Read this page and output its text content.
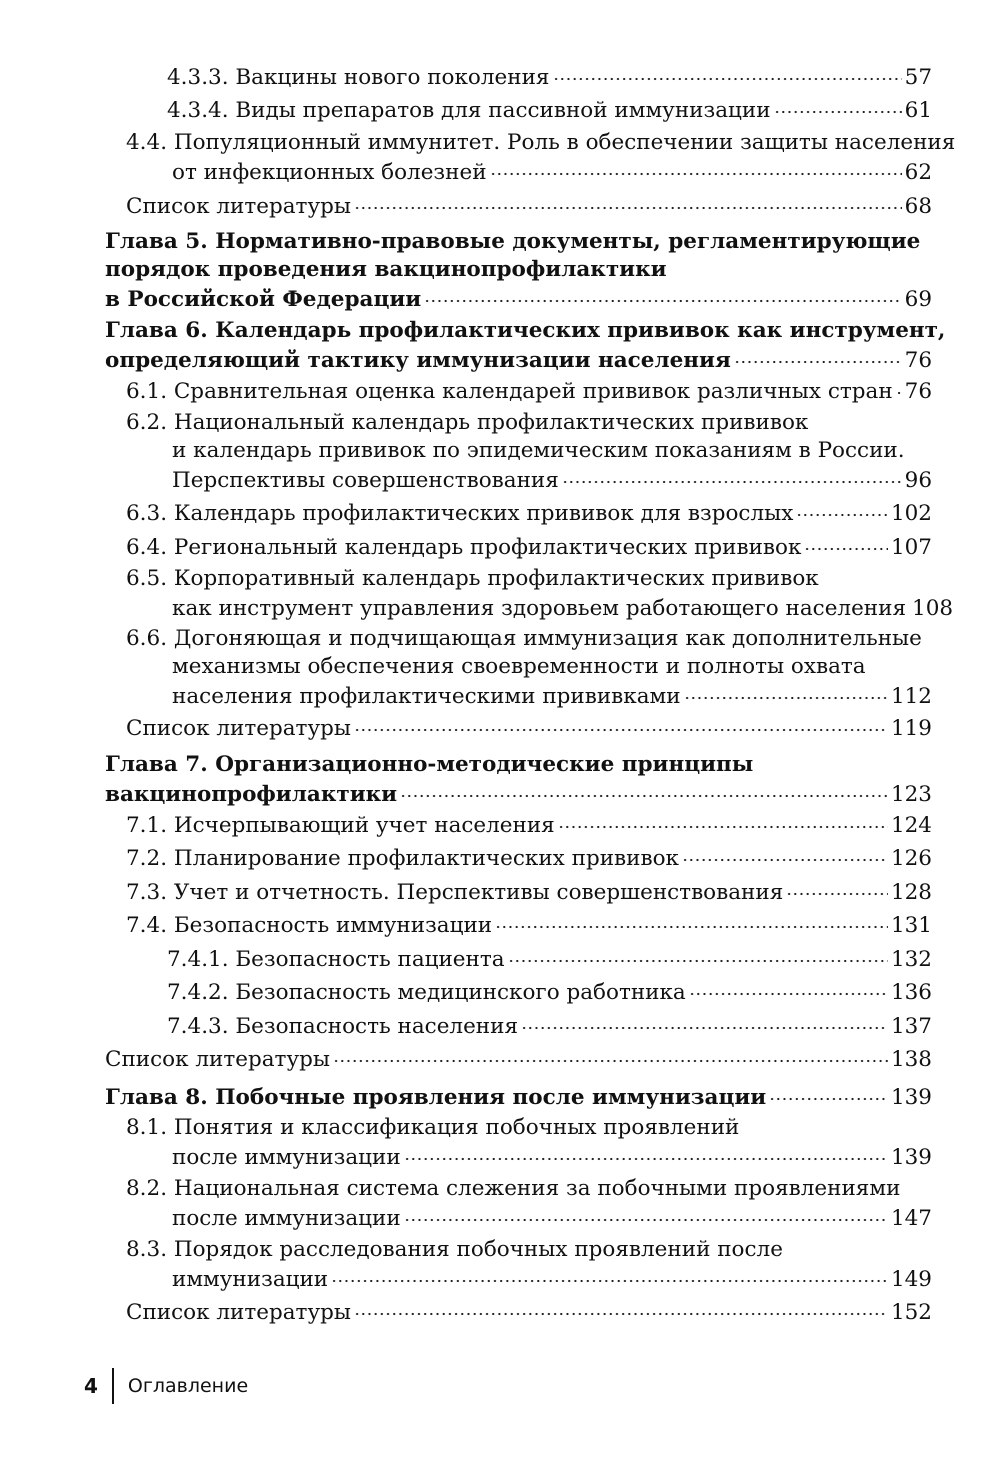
4.3.3. Вакцины нового поколения	57
4.3.4. Виды препаратов для пассивной иммунизации	61
4.4. Популяционный иммунитет. Роль в обеспечении защиты населения
от инфекционных болезней	62
Список литературы	68
Глава 5. Нормативно-правовые документы, регламентирующие
порядок проведения вакцинопрофилактики
в Российской Федерации	69
Глава 6. Календарь профилактических прививок как инструмент,
определяющий тактику иммунизации населения	76
6.1. Сравнительная оценка календарей прививок различных стран 76
6.2. Национальный календарь профилактических прививок
и календарь прививок по эпидемическим показаниям в России.
Перспективы совершенствования	96
6.3. Календарь профилактических прививок для взрослых	102
6.4. Региональный календарь профилактических прививок	107
6.5. Корпоративный календарь профилактических прививок
как инструмент управления здоровьем работающего населения 108
6.6. Догоняющая и подчищающая иммунизация как дополнительные
механизмы обеспечения своевременности и полноты охвата
населения профилактическими прививками	112
Список литературы	119
Глава 7. Организационно-методические принципы
вакцинопрофилактики	123
7.1. Исчерпывающий учет населения	124
7.2. Планирование профилактических прививок	126
7.3. Учет и отчетность. Перспективы совершенствования	128
7.4. Безопасность иммунизации	131
7.4.1. Безопасность пациента	132
7.4.2. Безопасность медицинского работника	136
7.4.3. Безопасность населения	137
Список литературы	138
Глава 8. Побочные проявления после иммунизации	139
8.1. Понятия и классификация побочных проявлений
после иммунизации	139
8.2. Национальная система слежения за побочными проявлениями
после иммунизации	147
8.3. Порядок расследования побочных проявлений после
иммунизации	149
Список литературы	152
4 Оглавление
